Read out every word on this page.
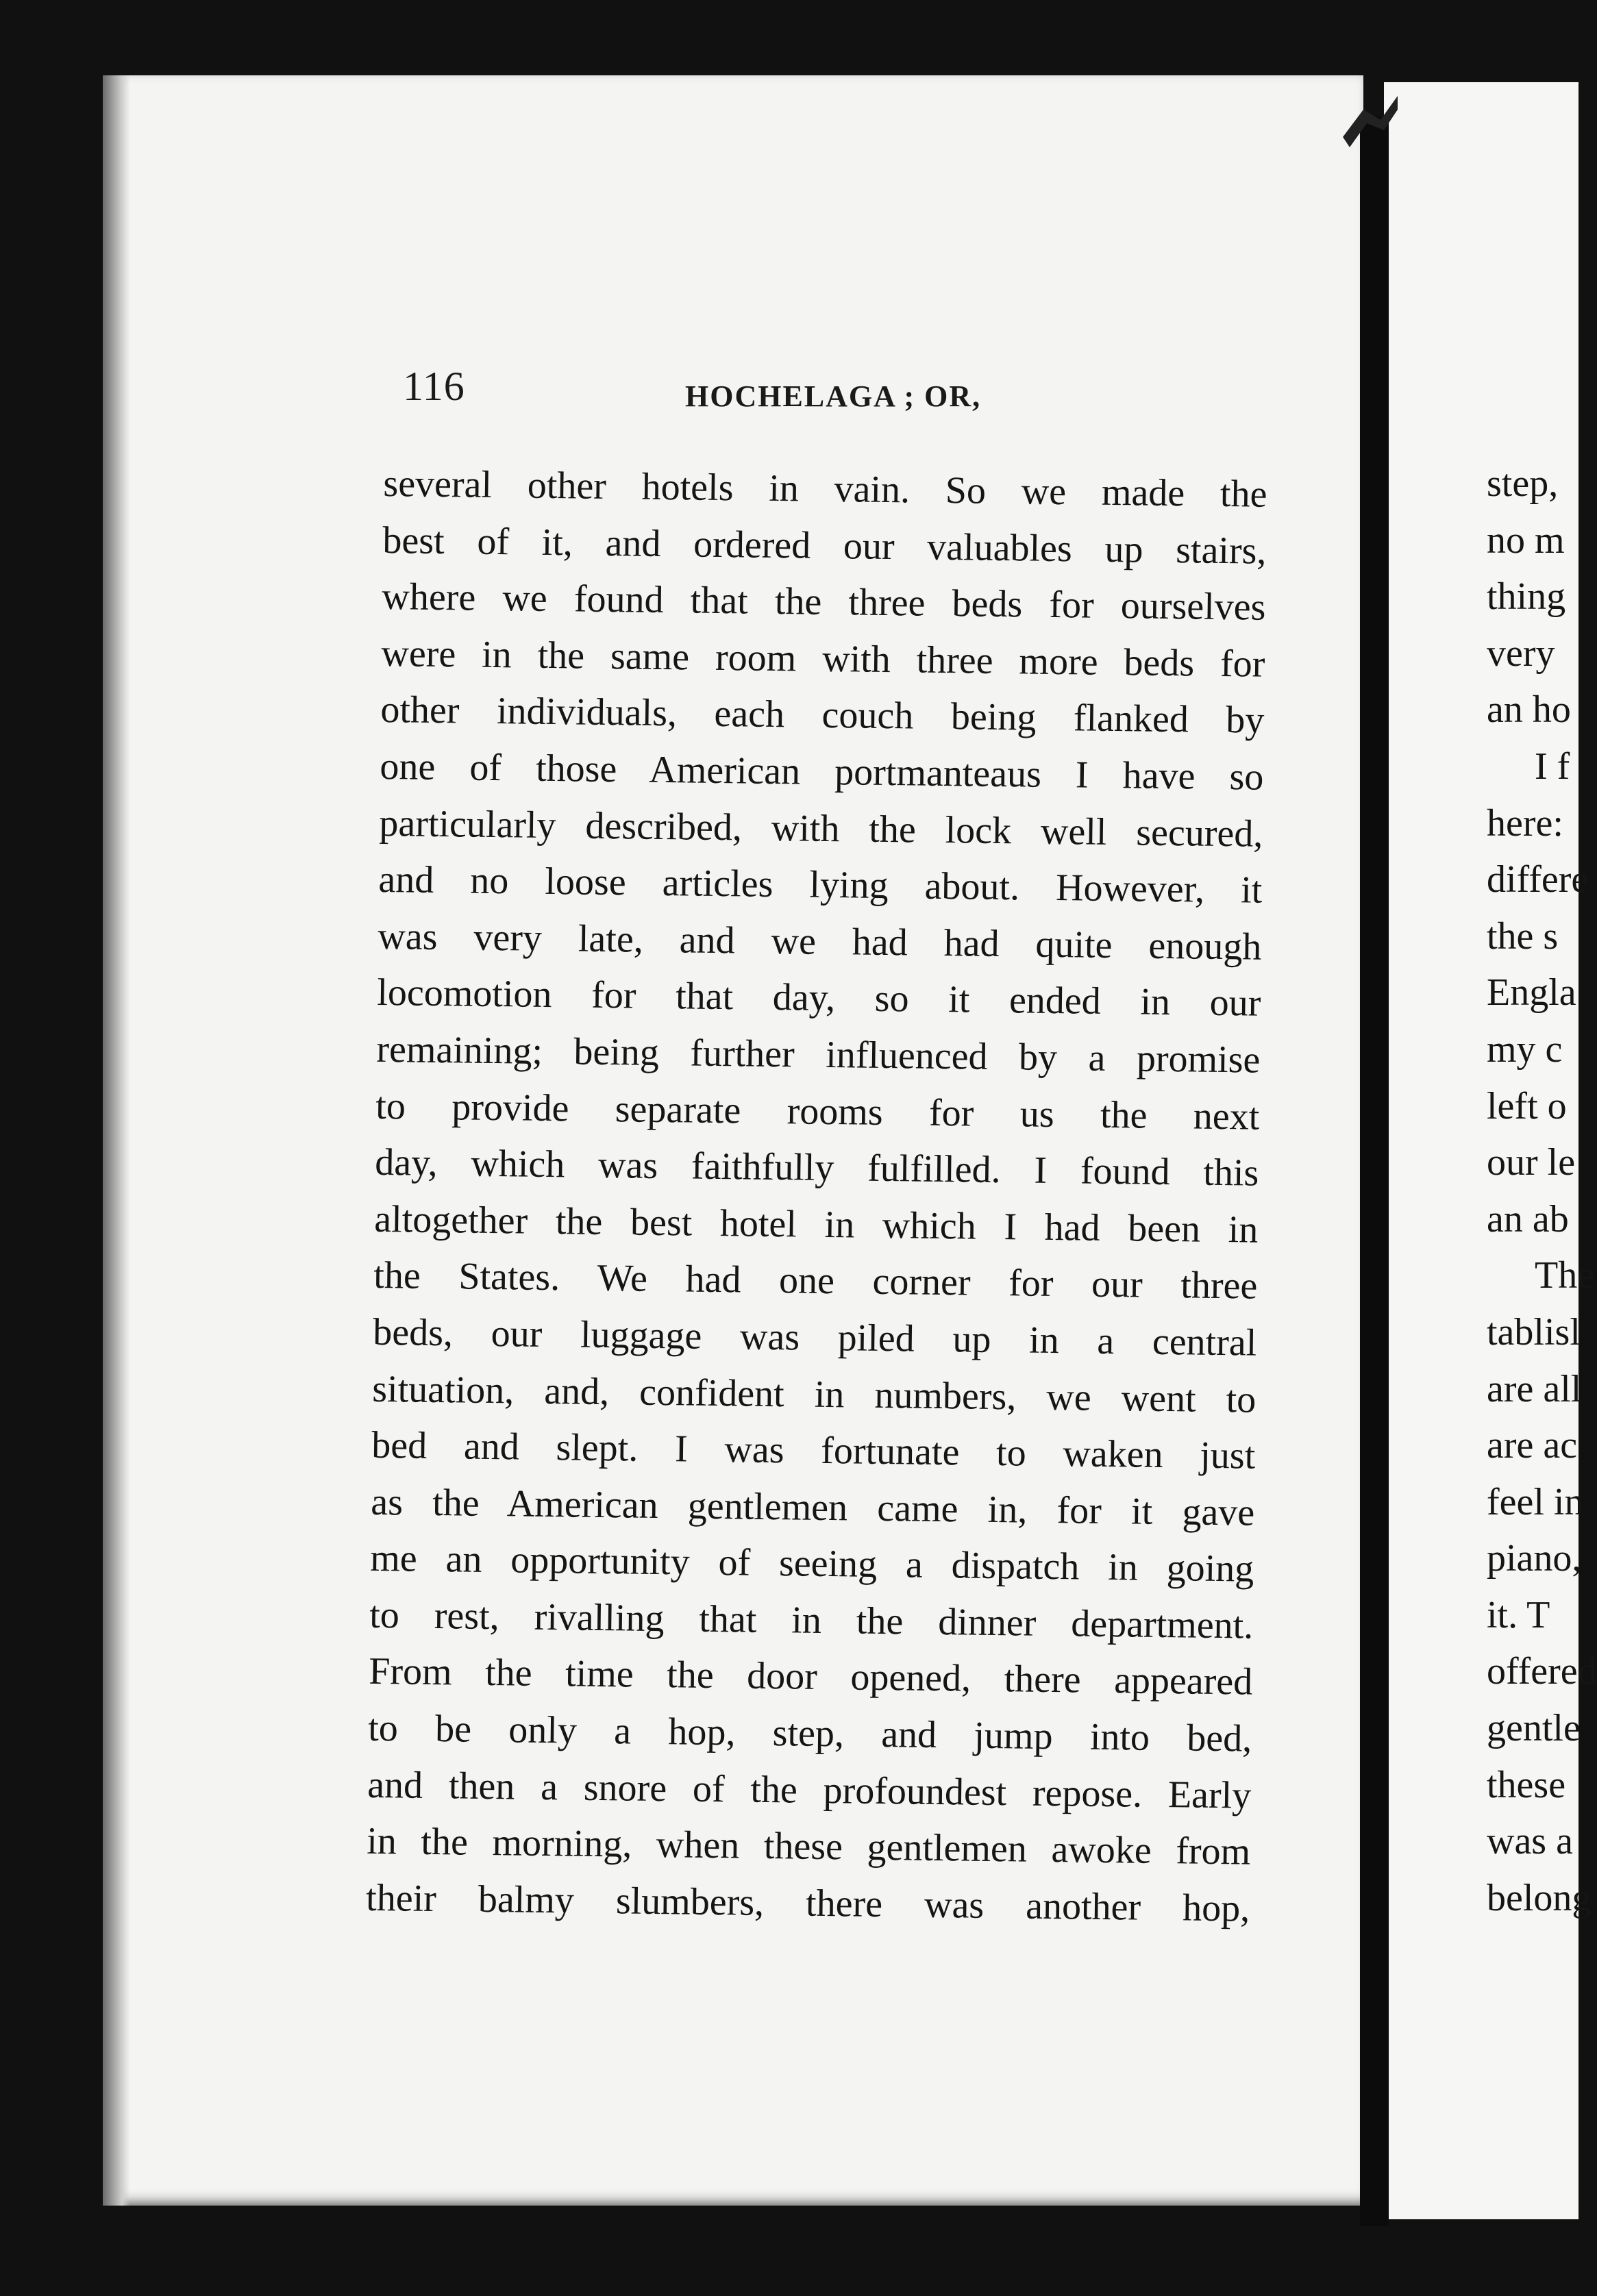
116	HOCHELAGA ; OR,
several other hotels in vain. So we made the
best of it, and ordered our valuables up stairs,
where we found that the three beds for ourselves
were in the same room with three more beds for
other individuals, each couch being flanked by
one of those American portmanteaus I have so
particularly described, with the lock well secured,
and no loose articles lying about. However, it
was very late, and we had had quite enough
locomotion for that day, so it ended in our
remaining; being further influenced by a promise
to provide separate rooms for us the next
day, which was faithfully fulfilled. I found this
altogether the best hotel in which I had been in
the States. We had one corner for our three
beds, our luggage was piled up in a central
situation, and, confident in numbers, we went to
bed and slept. I was fortunate to waken just
as the American gentlemen came in, for it gave
me an opportunity of seeing a dispatch in going
to rest, rivalling that in the dinner department.
From the time the door opened, there appeared
to be only a hop, step, and jump into bed,
and then a snore of the profoundest repose. Early
in the morning, when these gentlemen awoke from
their balmy slumbers, there was another hop,
step,
no m
thing
very
an ho
I f
here:
differe
the s
Engla
my c
left o
our le
an ab
The
tablisl
are all
are ac
feel in
piano,
it. T
offered
gentle
these
was a
belong
